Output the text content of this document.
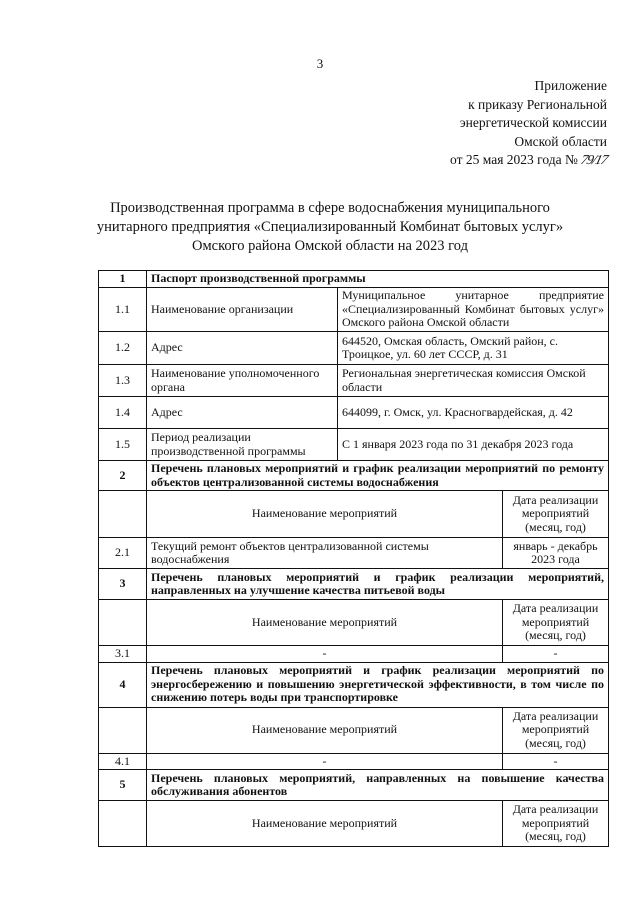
3
Приложение
к приказу Региональной
энергетической комиссии
Омской области
от 25 мая 2023 года № 79/17
Производственная программа в сфере водоснабжения муниципального
унитарного предприятия «Специализированный Комбинат бытовых услуг»
Омского района Омской области на 2023 год
1	Паспорт производственной программы		
1.1	Наименование организации	Муниципальное унитарное предприятие «Специализированный Комбинат бытовых услуг» Омского района Омской области	
1.2	Адрес	644520, Омская область, Омский район, с. Троицкое, ул. 60 лет СССР, д. 31	
1.3	Наименование уполномоченного органа	Региональная энергетическая комиссия Омской области	
1.4	Адрес	644099, г. Омск, ул. Красногвардейская, д. 42	
1.5	Период реализации производственной программы	С 1 января 2023 года по 31 декабря 2023 года	
2	Перечень плановых мероприятий и график реализации мероприятий по ремонту объектов централизованной системы водоснабжения		
	Наименование мероприятий		Дата реализации мероприятий (месяц, год)
2.1	Текущий ремонт объектов централизованной системы водоснабжения		январь - декабрь 2023 года
3	Перечень плановых мероприятий и график реализации мероприятий, направленных на улучшение качества питьевой воды		
	Наименование мероприятий		Дата реализации мероприятий (месяц, год)
3.1	-		-
4	Перечень плановых мероприятий и график реализации мероприятий по энергосбережению и повышению энергетической эффективности, в том числе по снижению потерь воды при транспортировке		
	Наименование мероприятий		Дата реализации мероприятий (месяц, год)
4.1	-		-
5	Перечень плановых мероприятий, направленных на повышение качества обслуживания абонентов		
	Наименование мероприятий		Дата реализации мероприятий (месяц, год)
